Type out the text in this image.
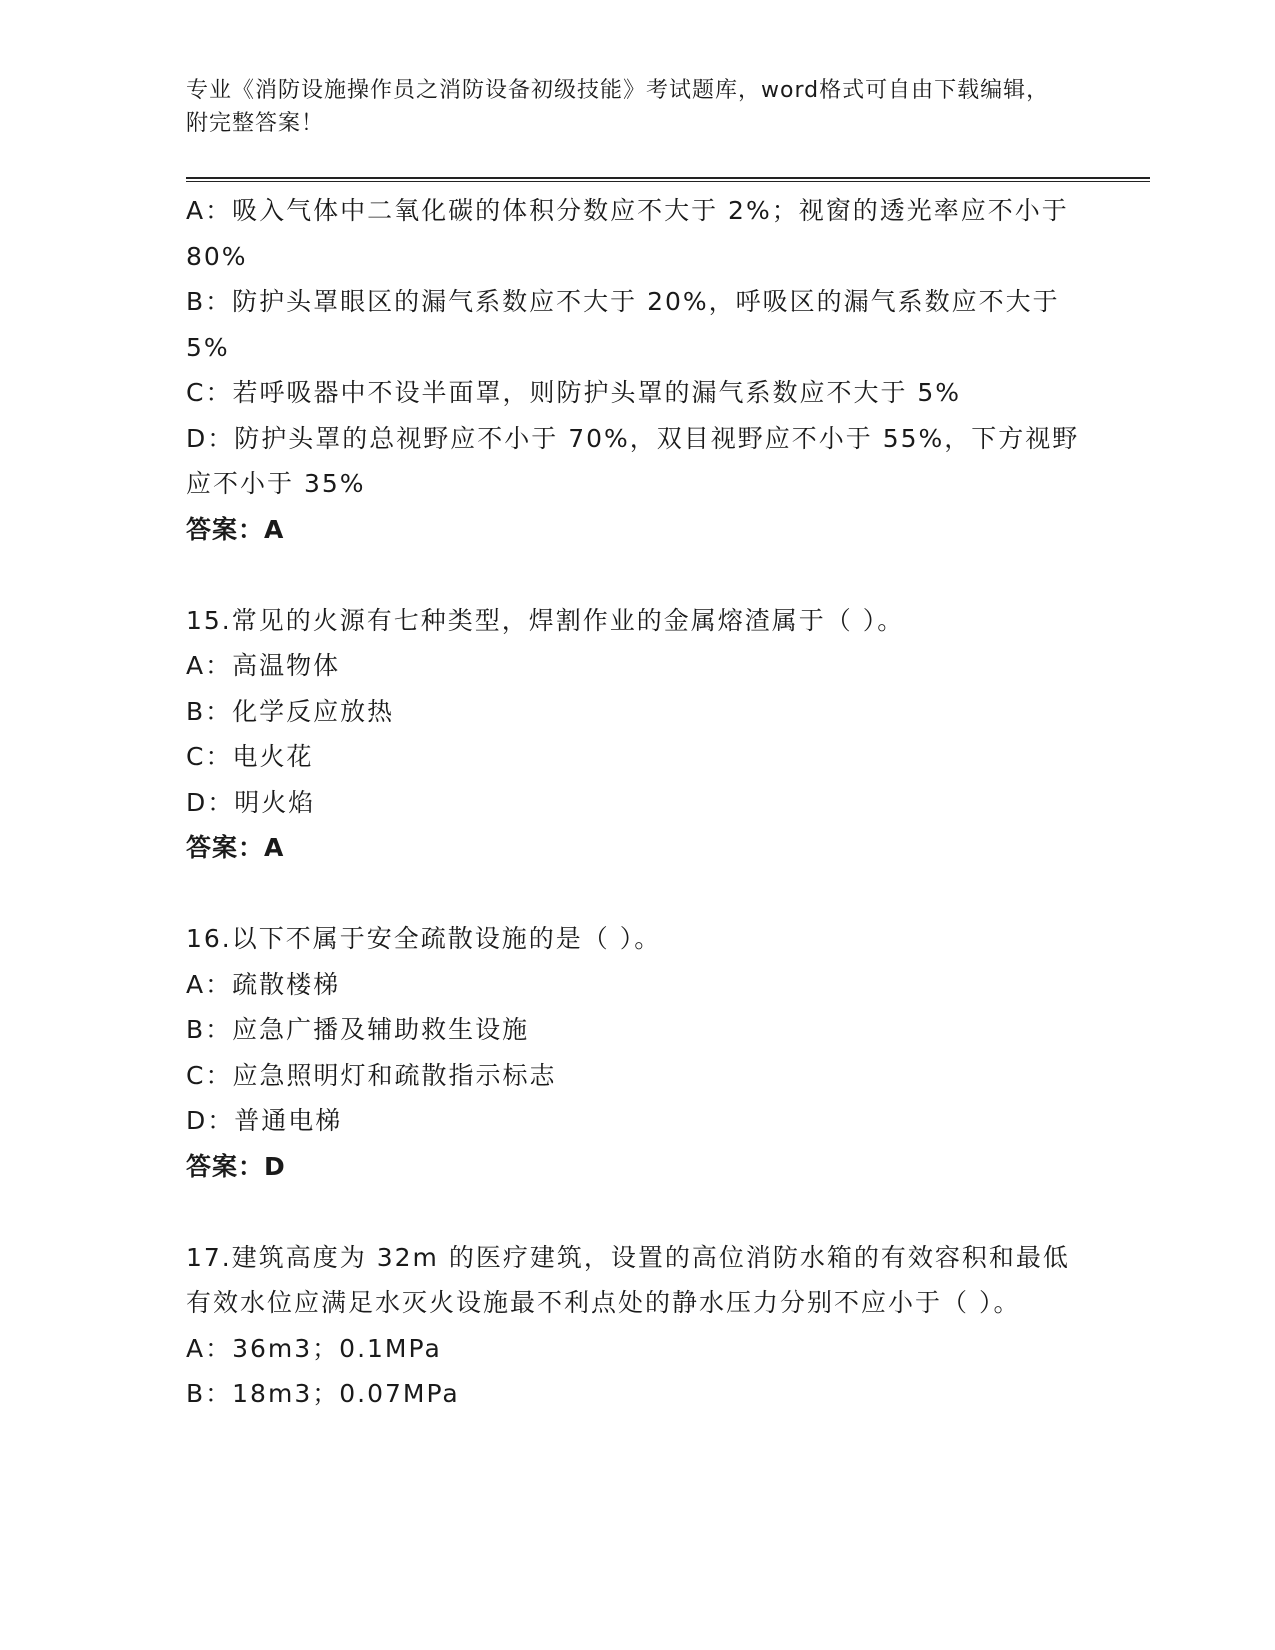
专业《消防设施操作员之消防设备初级技能》考试题库，word格式可自由下载编辑，附完整答案！

A：吸入气体中二氧化碳的体积分数应不大于 2%；视窗的透光率应不小于 80%

B：防护头罩眼区的漏气系数应不大于 20%，呼吸区的漏气系数应不大于 5%

C：若呼吸器中不设半面罩，则防护头罩的漏气系数应不大于 5%

D：防护头罩的总视野应不小于 70%，双目视野应不小于 55%，下方视野应不小于 35%

答案：A

15.常见的火源有七种类型，焊割作业的金属熔渣属于（ ）。

A：高温物体

B：化学反应放热

C：电火花

D：明火焰

答案：A

16.以下不属于安全疏散设施的是（ ）。

A：疏散楼梯

B：应急广播及辅助救生设施

C：应急照明灯和疏散指示标志

D：普通电梯

答案：D

17.建筑高度为 32m 的医疗建筑，设置的高位消防水箱的有效容积和最低有效水位应满足水灭火设施最不利点处的静水压力分别不应小于（ ）。

A：36m3；0.1MPa

B：18m3；0.07MPa
